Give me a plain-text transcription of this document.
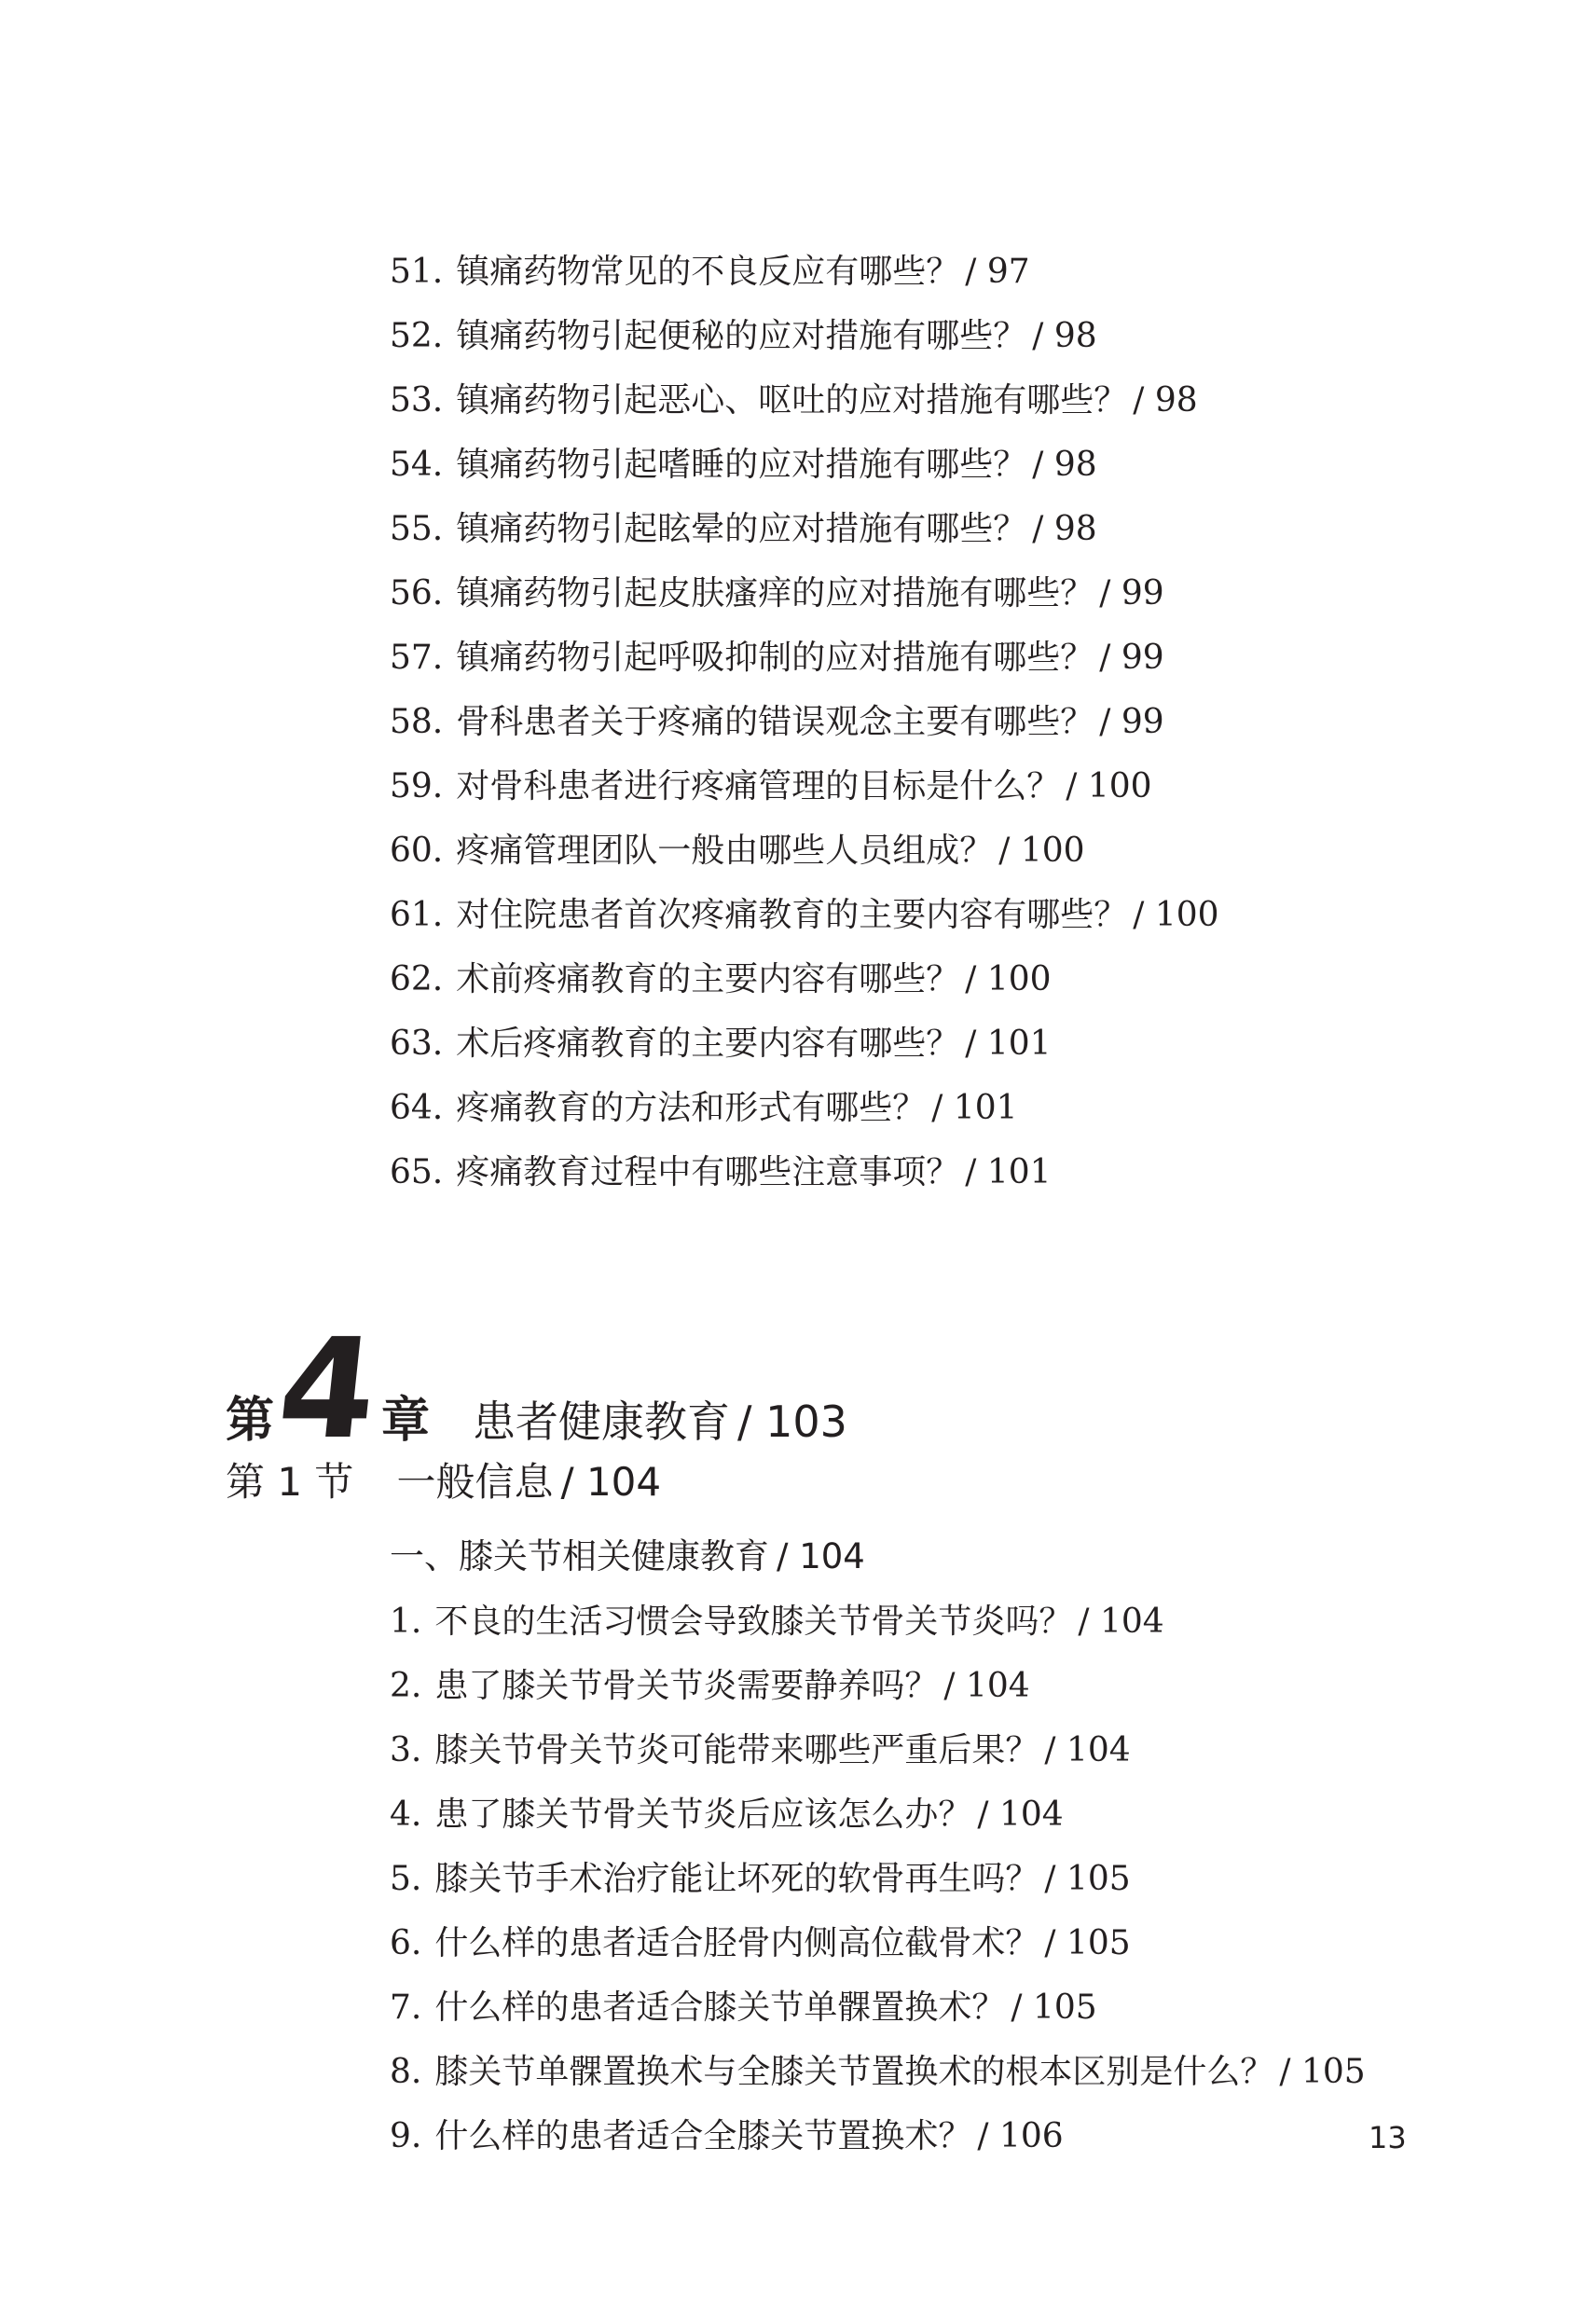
51. 镇痛药物常见的不良反应有哪些？ / 97
52. 镇痛药物引起便秘的应对措施有哪些？ / 98
53. 镇痛药物引起恶心、呕吐的应对措施有哪些？ / 98
54. 镇痛药物引起嗜睡的应对措施有哪些？ / 98
55. 镇痛药物引起眩晕的应对措施有哪些？ / 98
56. 镇痛药物引起皮肤瘙痒的应对措施有哪些？ / 99
57. 镇痛药物引起呼吸抑制的应对措施有哪些？ / 99
58. 骨科患者关于疼痛的错误观念主要有哪些？ / 99
59. 对骨科患者进行疼痛管理的目标是什么？ / 100
60. 疼痛管理团队一般由哪些人员组成？ / 100
61. 对住院患者首次疼痛教育的主要内容有哪些？ / 100
62. 术前疼痛教育的主要内容有哪些？ / 100
63. 术后疼痛教育的主要内容有哪些？ / 101
64. 疼痛教育的方法和形式有哪些？ / 101
65. 疼痛教育过程中有哪些注意事项？ / 101
第4章 患者健康教育 / 103
第 1 节 一般信息 / 104
一、膝关节相关健康教育 / 104
1. 不良的生活习惯会导致膝关节骨关节炎吗？ / 104
2. 患了膝关节骨关节炎需要静养吗？ / 104
3. 膝关节骨关节炎可能带来哪些严重后果？ / 104
4. 患了膝关节骨关节炎后应该怎么办？ / 104
5. 膝关节手术治疗能让坏死的软骨再生吗？ / 105
6. 什么样的患者适合胫骨内侧高位截骨术？ / 105
7. 什么样的患者适合膝关节单髁置换术？ / 105
8. 膝关节单髁置换术与全膝关节置换术的根本区别是什么？ / 105
9. 什么样的患者适合全膝关节置换术？ / 106	13
